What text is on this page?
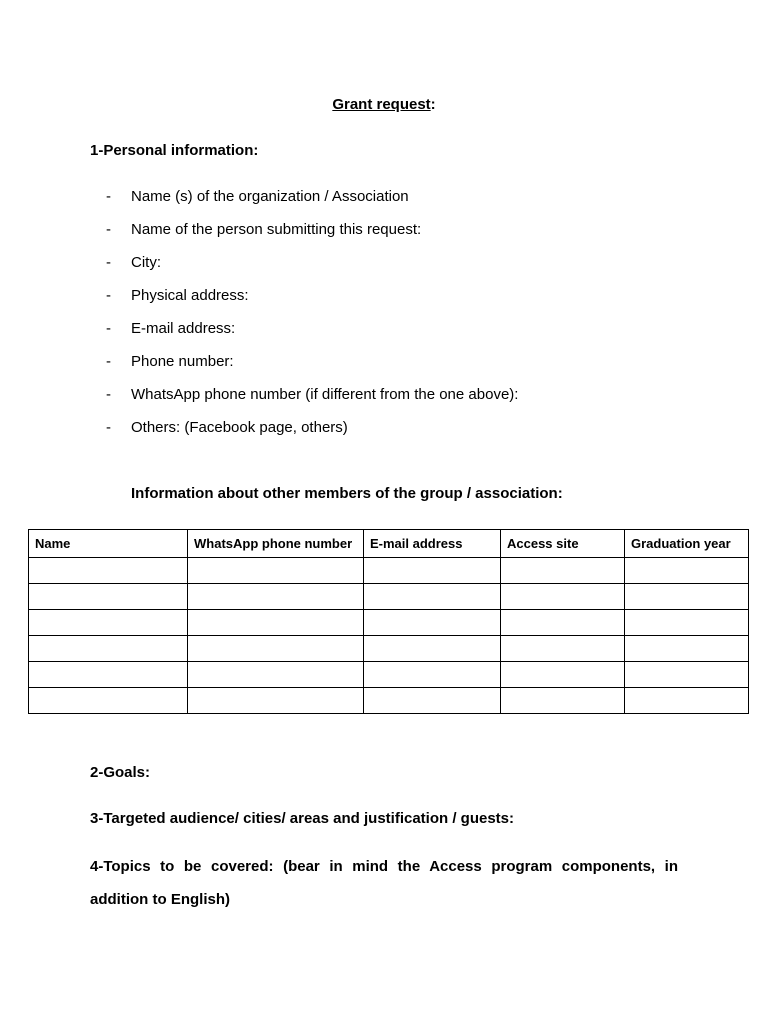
Grant request:
1-Personal information:
-	Name (s) of the organization / Association
-	Name of the person submitting this request:
-	City:
-	Physical address:
-	E-mail address:
-	Phone number:
-	WhatsApp phone number (if different from the one above):
-	Others: (Facebook page, others)
Information about other members of the group / association:
Name	WhatsApp phone number	E-mail address	Access site	Graduation year

2-Goals:
3-Targeted audience/ cities/ areas and justification / guests:
4-Topics to be covered: (bear in mind the Access program components, in addition to English)
